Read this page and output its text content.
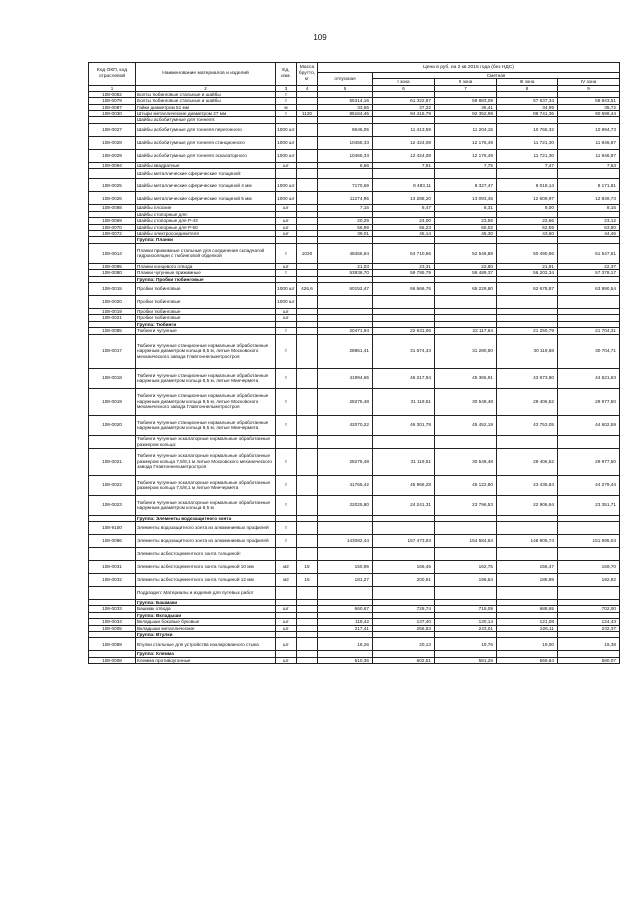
109
Код ОКП, код отраслевой	Наименование материалов и изделий	Ед. изм.	Масса брутто, кг	Цена в руб. на 2 кв 2015 года (без НДС)				
				отпускная	Сметная			
					I зона	II зона	III зона	IV зона
1	2	3	4	5	6	7	8	9
108-0062	Болты тюбинговые стальные и шайбы	т						
108-0079	Болты тюбинговые стальные и шайбы	т		55314,16	61 322,87	59 883,09	57 637,34	58 843,51
108-0087	Гайки диаметром 51 мм	м		33,66	37,22	36,41	34,99	35,72
108-0030	Штыри металлические диаметром 27 мм	т	1120	85164,45	94 415,79	92 352,99	88 741,36	90 598,44
	Шайбы асбобитумные для тоннеля:							
108-0027	Шайбы асбобитумные для тоннеля перегонного	1000 шт		8646,05	11 413,59	11 204,15	10 765,32	10 994,73
108-0028	Шайбы асбобитумные для тоннеля станционного	1000 шт		10455,33	12 424,08	12 176,49	11 721,30	11 946,87
108-0029	Шайбы асбобитумные для тоннеля эскалаторного	1000 шт		10465,33	12 424,08	12 176,49	11 721,30	11 946,87
108-0094	Шайбы квадратные	шт		6,66	7,91	7,75	7,47	7,63
	Шайбы металлические сферические толщиной:							
108-0025	Шайбы металлические сферические толщиной 4 мм	1000 шт		7170,69	8 483,11	8 327,47	8 018,14	8 171,81
108-0026	Шайбы металлические сферические толщиной 5 мм	1000 шт		11274,95	13 288,20	13 093,45	12 609,97	12 849,73
108-0088	Шайбы плоские	шт		7,16	8,47	8,31	8,00	8,15
	Шайбы стопорные для:							
108-0069	Шайбы стопорные для Р-43	шт		20,29	24,00	23,56	22,66	23,12
108-0070	Шайбы стопорные для Р-50	шт		56,99	66,23	65,02	62,59	63,80
108-0072	Шайбы электросоединителя	шт		39,01	46,14	45,30	43,60	44,46
	Группа: Планки							
108-0014	Планки прижимные стальные для соединения складчатой гидроизоляции с тюбинговой обделкой	т	1020	48455,84	53 710,56	52 546,89	50 490,96	51 547,61
108-0095	Планки концевого отвода	шт		21,03	23,31	22,80	21,91	22,37
108-0080	Планки чугунные прижимные	т		53936,70	59 795,79	58 489,37	56 202,34	57 378,17
	Группа: Пробки тюбинговые							
108-0015	Пробки тюбинговые	1000 шт	426,6	60152,47	66 666,76	65 229,80	62 678,87	63 990,54
108-0020	Пробки тюбинговые	1000 шт						
108-0019	Пробки тюбинговые	шт						
108-0021	Пробки тюбинговые	шт						
	Группа: Тюбинги							
108-0085	Тюбинги чугунные	т		20471,94	22 631,06	22 117,64	21 250,79	21 704,31
108-0017	Тюбинги чугунные станционные нормальные обработанные наружным диаметром кольца 8,5 м, литые Московского механического завода Главтоннельметростроя	т		28861,41	31 674,43	31 280,50	30 119,58	30 704,71
108-0018	Тюбинги чугунные станционные нормальные обработанные наружным диаметром кольца 8,5 м, литые Минчермета	т		41994,65	46 217,84	45 365,91	43 673,80	44 521,63
108-0019	Тюбинги чугунные станционные нормальные обработанные наружным диаметром кольца 9,5 м, литые Московского механического завода Главтоннельметростроя	т		28275,48	31 119,51	30 548,48	29 406,52	29 977,50
108-0020	Тюбинги чугунные станционные нормальные обработанные наружным диаметром кольца 9,5 м, литые Минчермета	т		42070,22	46 301,78	45 452,19	43 753,05	44 602,59
	Тюбинги чугунные эскалаторные нормальные обработанные размером кольца:							
108-0021	Тюбинги чугунные эскалаторные нормальные обработанные размером кольца 7,5/8,1 м литые Московского механического завода Главтоннельметростроя	т		28275,48	31 119,51	30 548,48	29 406,52	29 977,50
108-0022	Тюбинги чугунные эскалаторные нормальные обработанные размером кольца 7,5/8,1 м литые Минчермета	т		41765,42	45 966,28	45 122,80	43 435,84	44 279,44
108-0023	Тюбинги чугунные эскалаторные нормальные обработанные наружным диаметром кольца 8,5 м	т		22025,80	24 241,31	23 796,53	22 906,94	23 351,71
	Группа: Элементы водозащитного зонта							
108-9100	Элементы водозащитного зонта из алюминиевых профилей	т						
108-0086	Элементы водозащитного зонта из алюминиевых профилей	т		143082,44	157 473,93	154 584,64	148 805,74	151 695,04
	Элементы асбестоцементного зонта толщиной:							
108-0031	Элементы асбестоцементного зонта толщиной 10 мм	м2	18	150,95	166,45	162,76	156,47	159,70
108-0032	Элементы асбестоцементного зонта толщиной 12 мм	м2	16	181,27	200,91	196,54	188,89	192,82
	Подраздел: Материалы и изделия для путевых работ							
	Группа: Башмаки							
108-0033	Башмак отвода	шт		660,67	728,74	715,09	688,65	702,00
	Группа: Вкладыши							
108-0034	Вкладыши боковые буковые	шт		118,42	137,40	130,14	121,08	124,43
108-0005	Вкладыши металлические	шт		217,41	256,53	243,01	226,11	232,37
	Группа: Втулки							
108-0089	Втулки стальные для устройства изолированного стыка	шт		18,26	20,13	19,76	19,00	19,38
	Группа: Клемма							
108-0008	Клемма противоугонные	шт		510,36	602,51	581,29	569,84	580,07
